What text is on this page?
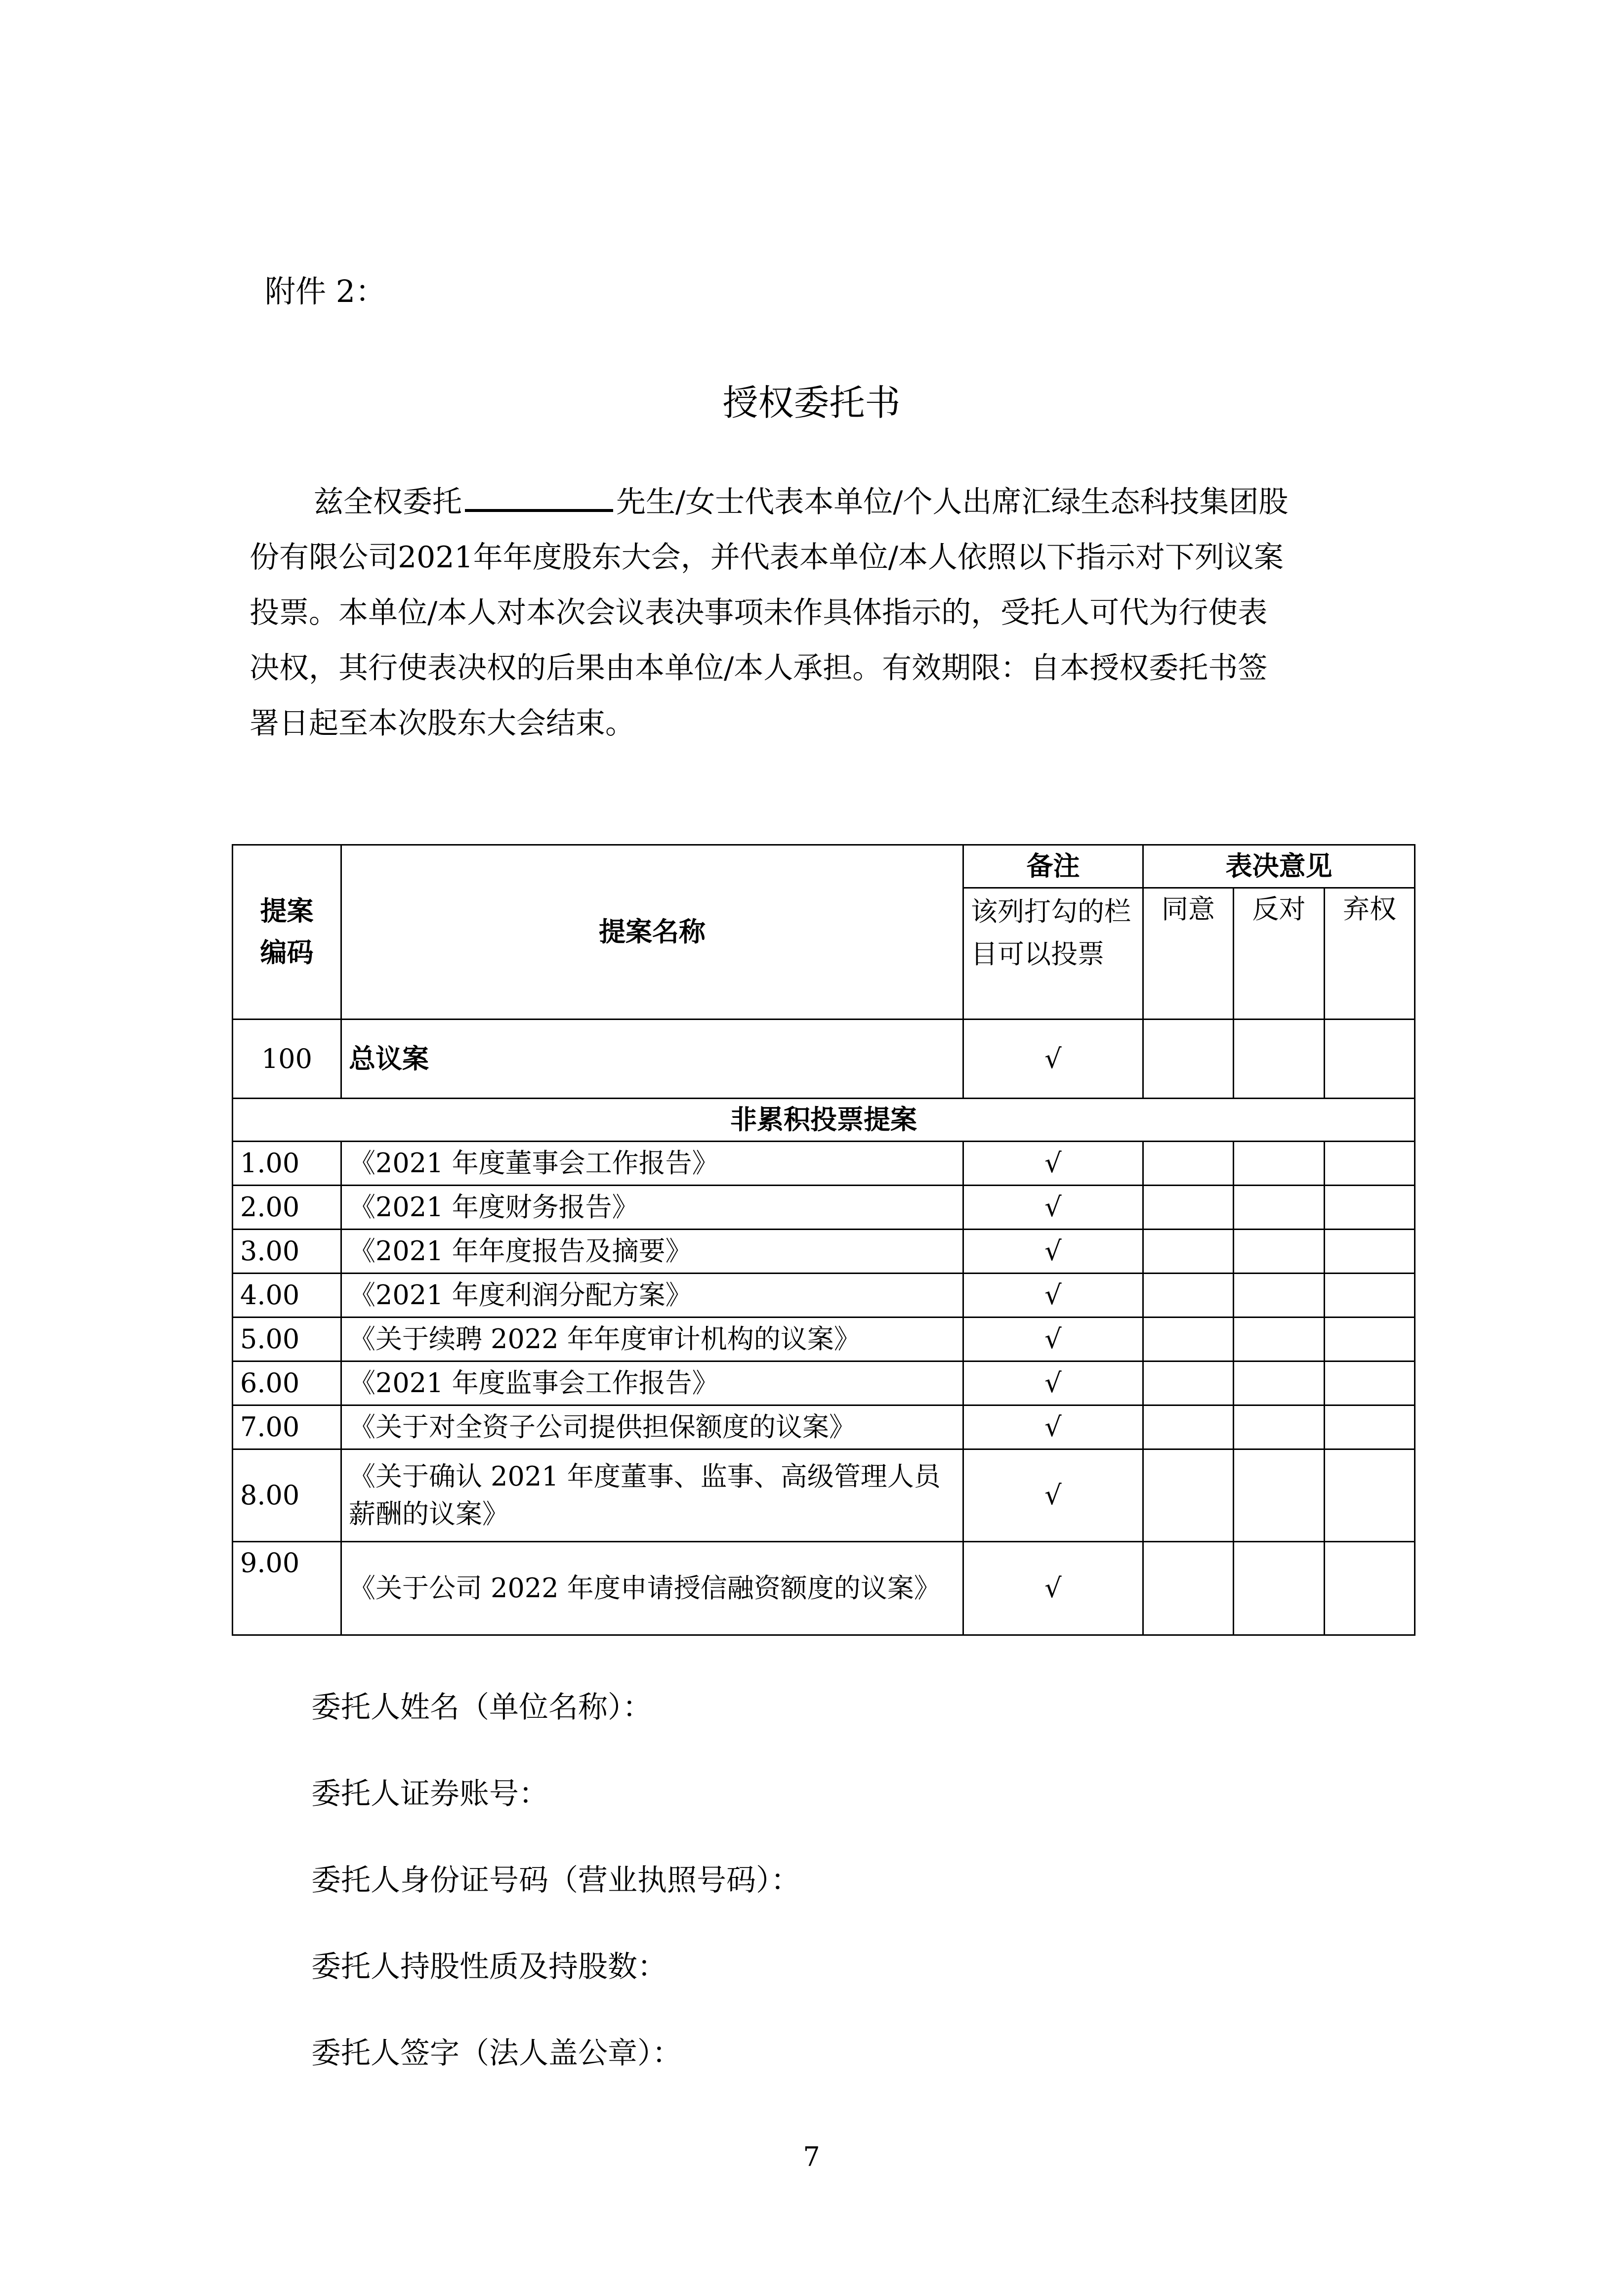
附件 2：
授权委托书
兹全权委托	先生/女士代表本单位/个人出席汇绿生态科技集团股
份有限公司2021年年度股东大会，并代表本单位/本人依照以下指示对下列议案
投票。本单位/本人对本次会议表决事项未作具体指示的，受托人可代为行使表
决权，其行使表决权的后果由本单位/本人承担。有效期限：自本授权委托书签
署日起至本次股东大会结束。
提案
编码	提案名称	备注	表决意见		
		该列打勾的栏目可以投票	同意	反对	弃权
100	总议案	√			
非累积投票提案					
1.00	《2021 年度董事会工作报告》	√			
2.00	《2021 年度财务报告》	√			
3.00	《2021 年年度报告及摘要》	√			
4.00	《2021 年度利润分配方案》	√			
5.00	《关于续聘 2022 年年度审计机构的议案》	√			
6.00	《2021 年度监事会工作报告》	√			
7.00	《关于对全资子公司提供担保额度的议案》	√			
8.00	《关于确认 2021 年度董事、监事、高级管理人员薪酬的议案》	√			
9.00	《关于公司 2022 年度申请授信融资额度的议案》	√			
委托人姓名（单位名称）：
委托人证券账号：
委托人身份证号码（营业执照号码）：
委托人持股性质及持股数：
委托人签字（法人盖公章）：
7
